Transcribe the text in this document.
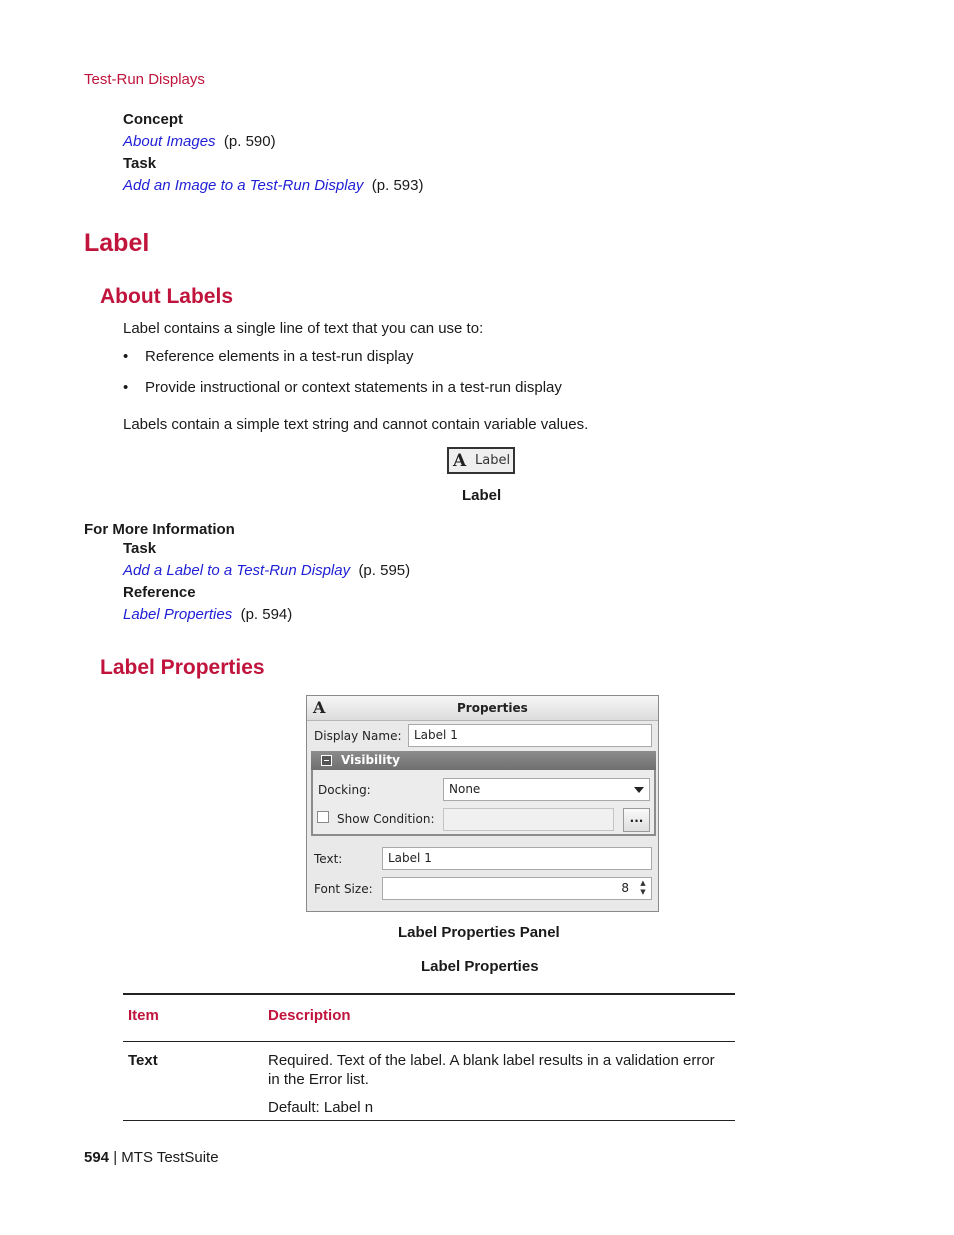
Test-Run Displays
Concept
About Images (p. 590)
Task
Add an Image to a Test-Run Display (p. 593)
Label
About Labels
Label contains a single line of text that you can use to:
• Reference elements in a test-run display
• Provide instructional or context statements in a test-run display
Labels contain a simple text string and cannot contain variable values.
A Label
Label
For More Information
Task
Add a Label to a Test-Run Display (p. 595)
Reference
Label Properties (p. 594)
Label Properties
A	Properties
Display Name:	Label 1
Visibility
Docking:	None
Show Condition:	...
Text:	Label 1
Font Size:	8	▲
▼
Label Properties Panel
Label Properties
Item	Description
Text	Required. Text of the label. A blank label results in a validation error
in the Error list.
Default: Label n
594 | MTS TestSuite
